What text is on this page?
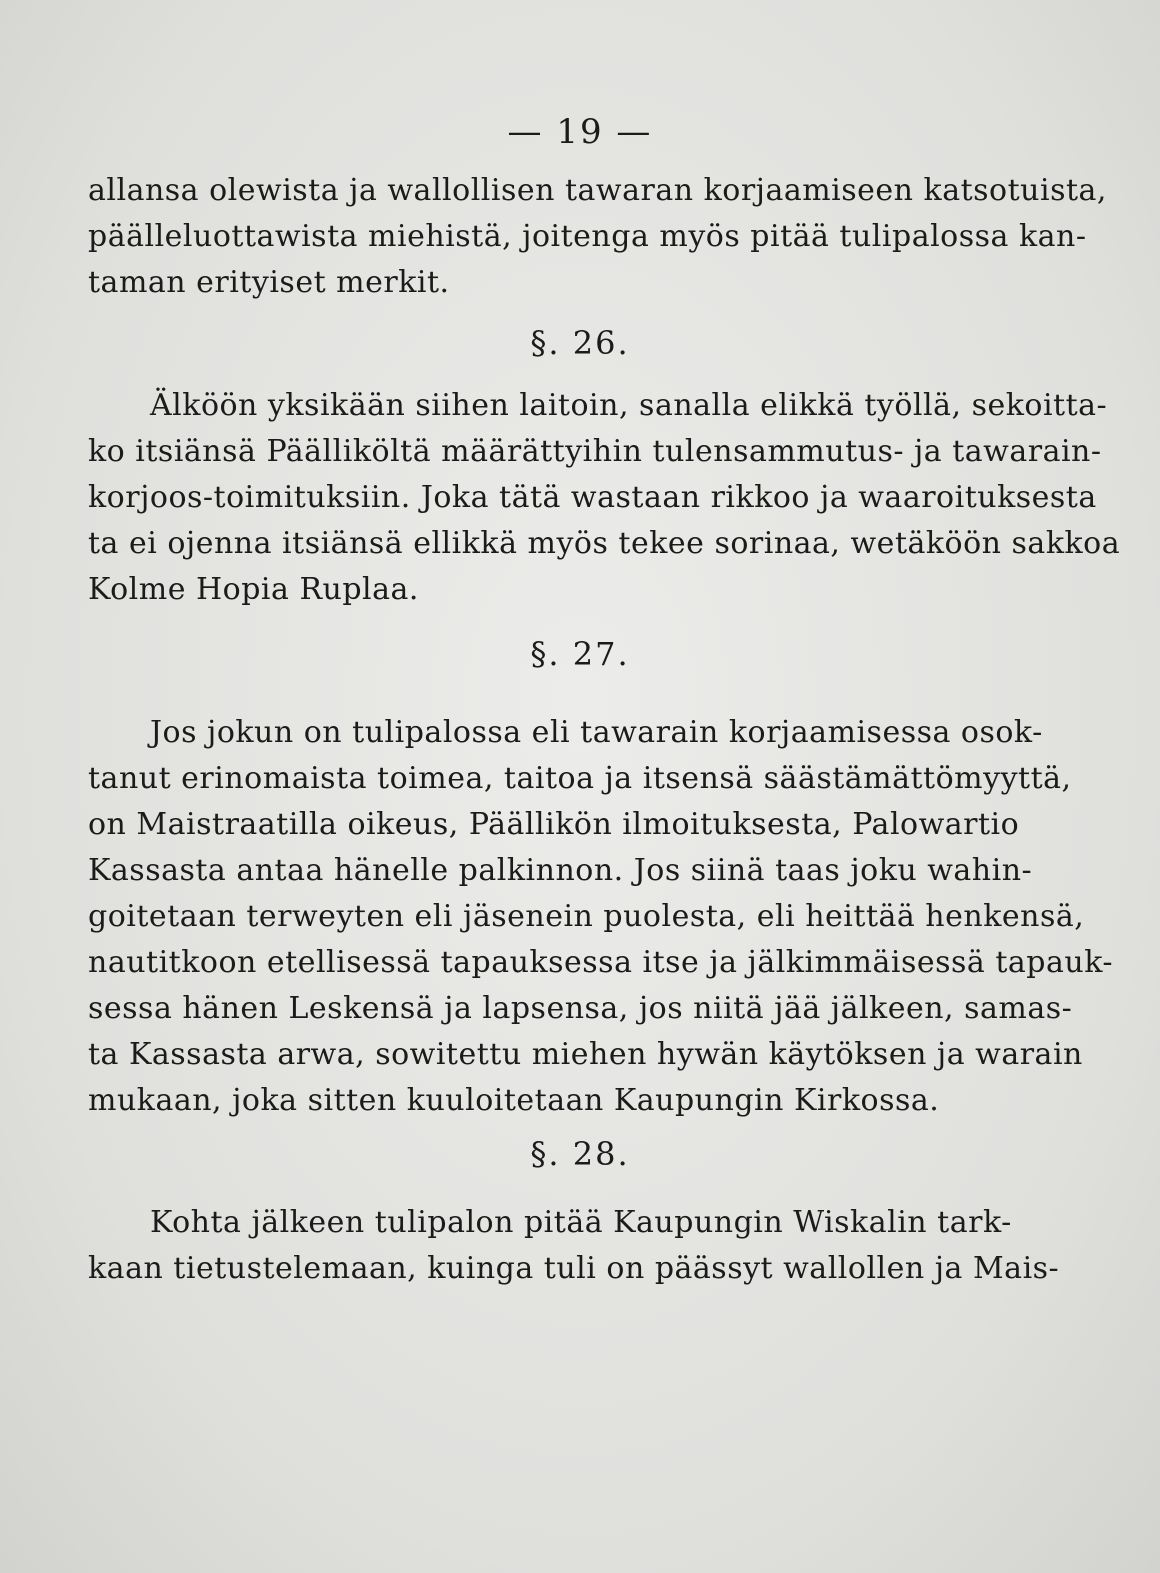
— 19 —
allansa olewista ja wallollisen tawaran korjaamiseen katsotuista,
päälleluottawista miehistä, joitenga myös pitää tulipalossa kan-
taman erityiset merkit.
§. 26.
Älköön yksikään siihen laitoin, sanalla elikkä työllä, sekoitta-
ko itsiänsä Päälliköltä määrättyihin tulensammutus- ja tawarain-
korjoos-toimituksiin. Joka tätä wastaan rikkoo ja waaroituksesta
ta ei ojenna itsiänsä ellikkä myös tekee sorinaa, wetäköön sakkoa
Kolme Hopia Ruplaa.
§. 27.
Jos jokun on tulipalossa eli tawarain korjaamisessa osok-
tanut erinomaista toimea, taitoa ja itsensä säästämättömyyttä,
on Maistraatilla oikeus, Päällikön ilmoituksesta, Palowartio
Kassasta antaa hänelle palkinnon. Jos siinä taas joku wahin-
goitetaan terweyten eli jäsenein puolesta, eli heittää henkensä,
nautitkoon etellisessä tapauksessa itse ja jälkimmäisessä tapauk-
sessa hänen Leskensä ja lapsensa, jos niitä jää jälkeen, samas-
ta Kassasta arwa, sowitettu miehen hywän käytöksen ja warain
mukaan, joka sitten kuuloitetaan Kaupungin Kirkossa.
§. 28.
Kohta jälkeen tulipalon pitää Kaupungin Wiskalin tark-
kaan tietustelemaan, kuinga tuli on päässyt wallollen ja Mais-
